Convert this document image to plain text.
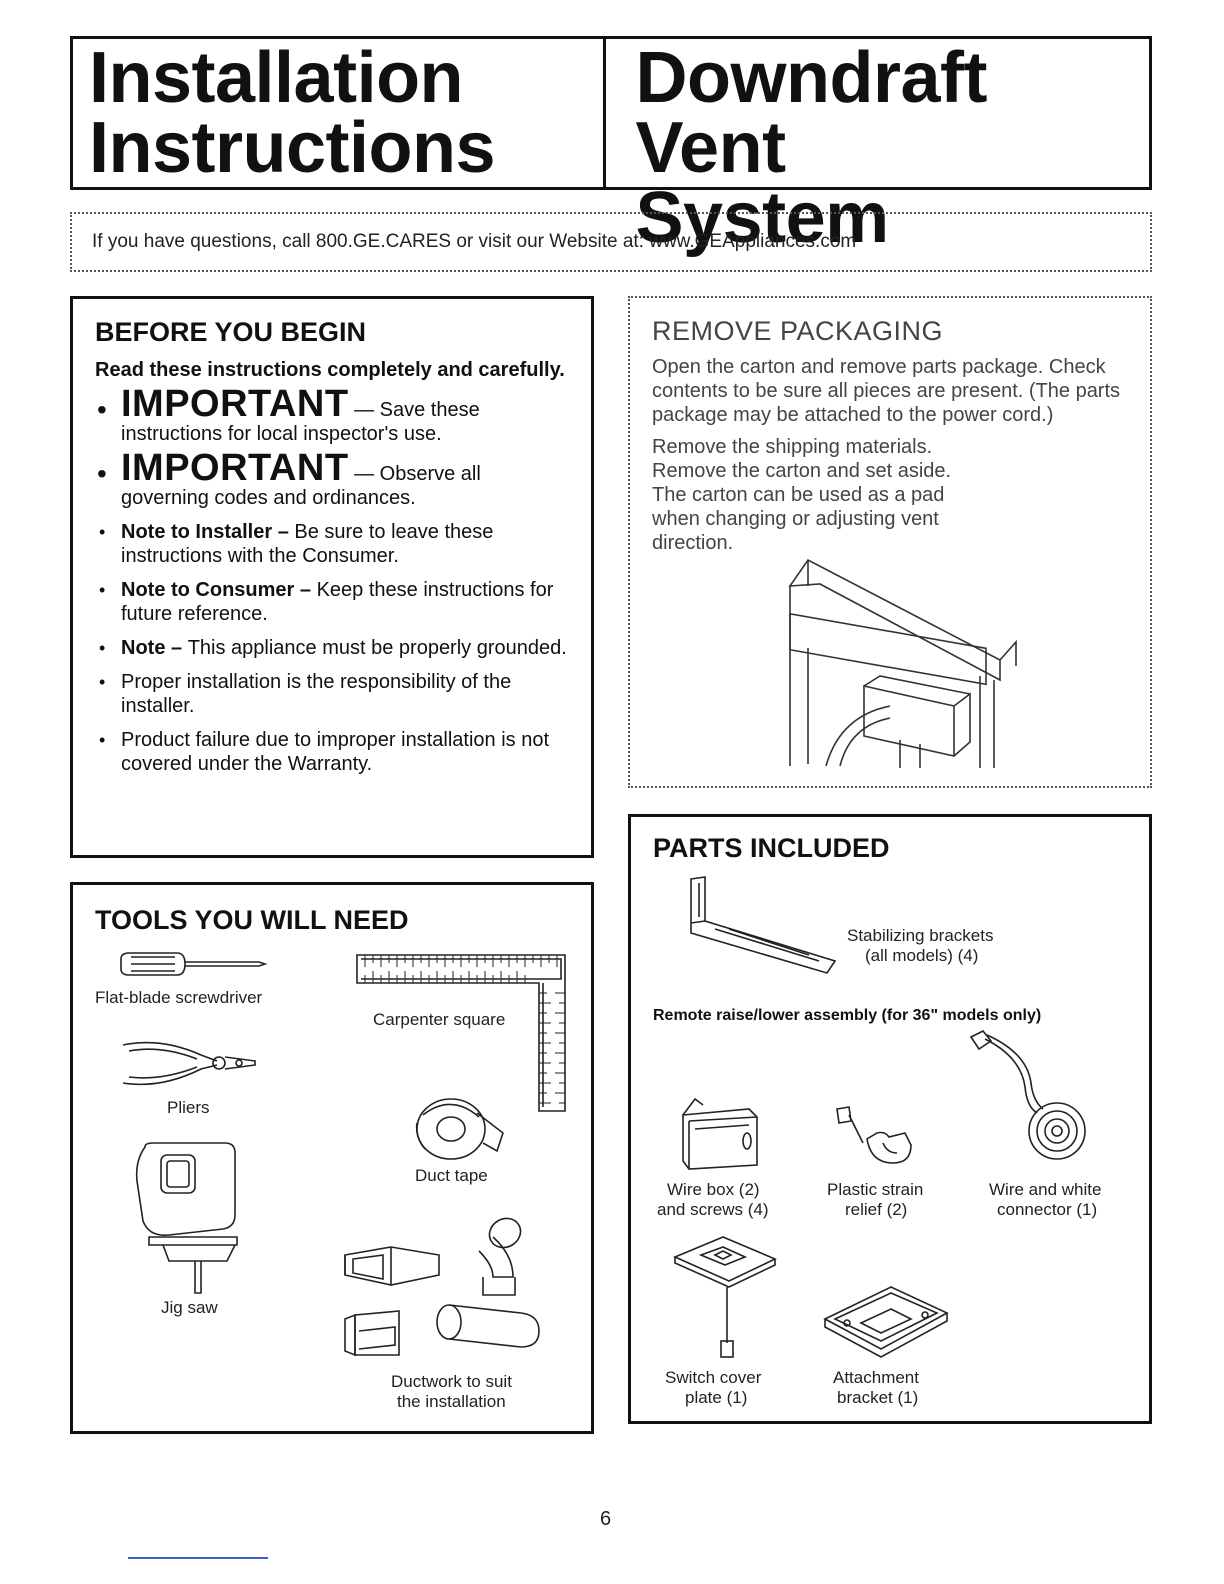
Installation
Instructions
Downdraft Vent
System
If you have questions, call 800.GE.CARES or visit our Website at: www.GEAppliances.com
BEFORE YOU BEGIN
Read these instructions completely and carefully.
• IMPORTANT — Save these instructions for local inspector's use.
• IMPORTANT — Observe all governing codes and ordinances.
• Note to Installer – Be sure to leave these instructions with the Consumer.
• Note to Consumer – Keep these instructions for future reference.
• Note – This appliance must be properly grounded.
• Proper installation is the responsibility of the installer.
• Product failure due to improper installation is not covered under the Warranty.
REMOVE PACKAGING

Open the carton and remove parts package. Check contents to be sure all pieces are present. (The parts package may be attached to the power cord.)

Remove the shipping materials. Remove the carton and set aside. The carton can be used as a pad when changing or adjusting vent direction.

TOOLS YOU WILL NEED
Flat-blade screwdriver
Carpenter square
Pliers
Duct tape
Jig saw
Ductwork to suit
the installation
PARTS INCLUDED
Stabilizing brackets
(all models) (4)
Remote raise/lower assembly (for 36" models only)
Wire box (2)
and screws (4)
Plastic strain
relief (2)
Wire and white
connector (1)
Switch cover
plate (1)
Attachment
bracket (1)
6
